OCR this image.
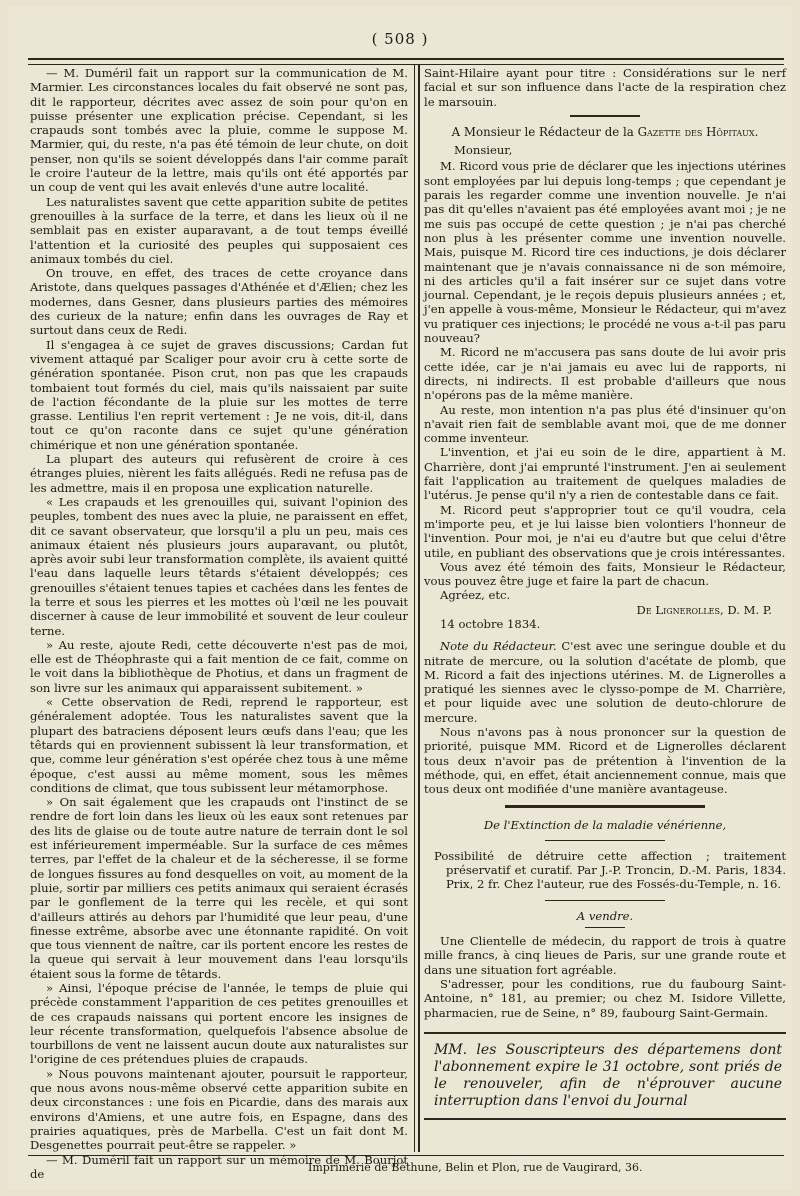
( 508 )

— M. Duméril fait un rapport sur la communication de M. Marmier. Les circonstances locales du fait observé ne sont pas, dit le rapporteur, décrites avec assez de soin pour qu'on en puisse présenter une explication précise. Cependant, si les crapauds sont tombés avec la pluie, comme le suppose M. Marmier, qui, du reste, n'a pas été témoin de leur chute, on doit penser, non qu'ils se soient développés dans l'air comme paraît le croire l'auteur de la lettre, mais qu'ils ont été apportés par un coup de vent qui les avait enlevés d'une autre localité.

Les naturalistes savent que cette apparition subite de petites grenouilles à la surface de la terre, et dans les lieux où il ne semblait pas en exister auparavant, a de tout temps éveillé l'attention et la curiosité des peuples qui supposaient ces animaux tombés du ciel.

On trouve, en effet, des traces de cette croyance dans Aristote, dans quelques passages d'Athénée et d'Ælien; chez les modernes, dans Gesner, dans plusieurs parties des mémoires des curieux de la nature; enfin dans les ouvrages de Ray et surtout dans ceux de Redi.

Il s'engagea à ce sujet de graves discussions; Cardan fut vivement attaqué par Scaliger pour avoir cru à cette sorte de génération spontanée. Pison crut, non pas que les crapauds tombaient tout formés du ciel, mais qu'ils naissaient par suite de l'action fécondante de la pluie sur les mottes de terre grasse. Lentilius l'en reprit vertement : Je ne vois, dit-il, dans tout ce qu'on raconte dans ce sujet qu'une génération chimérique et non une génération spontanée.

La plupart des auteurs qui refusèrent de croire à ces étranges pluies, nièrent les faits allégués. Redi ne refusa pas de les admettre, mais il en proposa une explication naturelle.

« Les crapauds et les grenouilles qui, suivant l'opinion des peuples, tombent des nues avec la pluie, ne paraissent en effet, dit ce savant observateur, que lorsqu'il a plu un peu, mais ces animaux étaient nés plusieurs jours auparavant, ou plutôt, après avoir subi leur transformation complète, ils avaient quitté l'eau dans laquelle leurs têtards s'étaient développés; ces grenouilles s'étaient tenues tapies et cachées dans les fentes de la terre et sous les pierres et les mottes où l'œil ne les pouvait discerner à cause de leur immobilité et souvent de leur couleur terne.

» Au reste, ajoute Redi, cette découverte n'est pas de moi, elle est de Théophraste qui a fait mention de ce fait, comme on le voit dans la bibliothèque de Photius, et dans un fragment de son livre sur les animaux qui apparaissent subitement. »

« Cette observation de Redi, reprend le rapporteur, est généralement adoptée. Tous les naturalistes savent que la plupart des batraciens déposent leurs œufs dans l'eau; que les têtards qui en proviennent subissent là leur transformation, et que, comme leur génération s'est opérée chez tous à une même époque, c'est aussi au même moment, sous les mêmes conditions de climat, que tous subissent leur métamorphose.

» On sait également que les crapauds ont l'instinct de se rendre de fort loin dans les lieux où les eaux sont retenues par des lits de glaise ou de toute autre nature de terrain dont le sol est inférieurement imperméable. Sur la surface de ces mêmes terres, par l'effet de la chaleur et de la sécheresse, il se forme de longues fissures au fond desquelles on voit, au moment de la pluie, sortir par milliers ces petits animaux qui seraient écrasés par le gonflement de la terre qui les recèle, et qui sont d'ailleurs attirés au dehors par l'humidité que leur peau, d'une finesse extrême, absorbe avec une étonnante rapidité. On voit que tous viennent de naître, car ils portent encore les restes de la queue qui servait à leur mouvement dans l'eau lorsqu'ils étaient sous la forme de têtards.

» Ainsi, l'époque précise de l'année, le temps de pluie qui précède constamment l'apparition de ces petites grenouilles et de ces crapauds naissans qui portent encore les insignes de leur récente transformation, quelquefois l'absence absolue de tourbillons de vent ne laissent aucun doute aux naturalistes sur l'origine de ces prétendues pluies de crapauds.

» Nous pouvons maintenant ajouter, poursuit le rapporteur, que nous avons nous-même observé cette apparition subite en deux circonstances : une fois en Picardie, dans des marais aux environs d'Amiens, et une autre fois, en Espagne, dans des prairies aquatiques, près de Marbella. C'est un fait dont M. Desgenettes pourrait peut-être se rappeler. »

— M. Duméril fait un rapport sur un mémoire de M. Bourjot de

Saint-Hilaire ayant pour titre : Considérations sur le nerf facial et sur son influence dans l'acte de la respiration chez le marsouin.

A Monsieur le Rédacteur de la Gazette des Hôpitaux.

Monsieur,

M. Ricord vous prie de déclarer que les injections utérines sont employées par lui depuis long-temps ; que cependant je parais les regarder comme une invention nouvelle. Je n'ai pas dit qu'elles n'avaient pas été employées avant moi ; je ne me suis pas occupé de cette question ; je n'ai pas cherché non plus à les présenter comme une invention nouvelle. Mais, puisque M. Ricord tire ces inductions, je dois déclarer maintenant que je n'avais connaissance ni de son mémoire, ni des articles qu'il a fait insérer sur ce sujet dans votre journal. Cependant, je le reçois depuis plusieurs années ; et, j'en appelle à vous-même, Monsieur le Rédacteur, qui m'avez vu pratiquer ces injections; le procédé ne vous a-t-il pas paru nouveau?

M. Ricord ne m'accusera pas sans doute de lui avoir pris cette idée, car je n'ai jamais eu avec lui de rapports, ni directs, ni indirects. Il est probable d'ailleurs que nous n'opérons pas de la même manière.

Au reste, mon intention n'a pas plus été d'insinuer qu'on n'avait rien fait de semblable avant moi, que de me donner comme inventeur.

L'invention, et j'ai eu soin de le dire, appartient à M. Charrière, dont j'ai emprunté l'instrument. J'en ai seulement fait l'application au traitement de quelques maladies de l'utérus. Je pense qu'il n'y a rien de contestable dans ce fait.

M. Ricord peut s'approprier tout ce qu'il voudra, cela m'importe peu, et je lui laisse bien volontiers l'honneur de l'invention. Pour moi, je n'ai eu d'autre but que celui d'être utile, en publiant des observations que je crois intéressantes.

Vous avez été témoin des faits, Monsieur le Rédacteur, vous pouvez être juge et faire la part de chacun.

Agréez, etc.

De Lignerolles, D. M. P.

14 octobre 1834.

Note du Rédacteur. C'est avec une seringue double et du nitrate de mercure, ou la solution d'acétate de plomb, que M. Ricord a fait des injections utérines. M. de Lignerolles a pratiqué les siennes avec le clysso-pompe de M. Charrière, et pour liquide avec une solution de deuto-chlorure de mercure.

Nous n'avons pas à nous prononcer sur la question de priorité, puisque MM. Ricord et de Lignerolles déclarent tous deux n'avoir pas de prétention à l'invention de la méthode, qui, en effet, était anciennement connue, mais que tous deux ont modifiée d'une manière avantageuse.

De l'Extinction de la maladie vénérienne,

Possibilité de détruire cette affection ; traitement préservatif et curatif. Par J.-P. Troncin, D.-M. Paris, 1834. Prix, 2 fr. Chez l'auteur, rue des Fossés-du-Temple, n. 16.

A vendre.

Une Clientelle de médecin, du rapport de trois à quatre mille francs, à cinq lieues de Paris, sur une grande route et dans une situation fort agréable.

S'adresser, pour les conditions, rue du faubourg Saint-Antoine, n° 181, au premier; ou chez M. Isidore Villette, pharmacien, rue de Seine, n° 89, faubourg Saint-Germain.

MM. les Souscripteurs des départemens dont l'abonnement expire le 31 octobre, sont priés de le renouveler, afin de n'éprouver aucune interruption dans l'envoi du Journal
Imprimerie de Béthune, Belin et Plon, rue de Vaugirard, 36.
